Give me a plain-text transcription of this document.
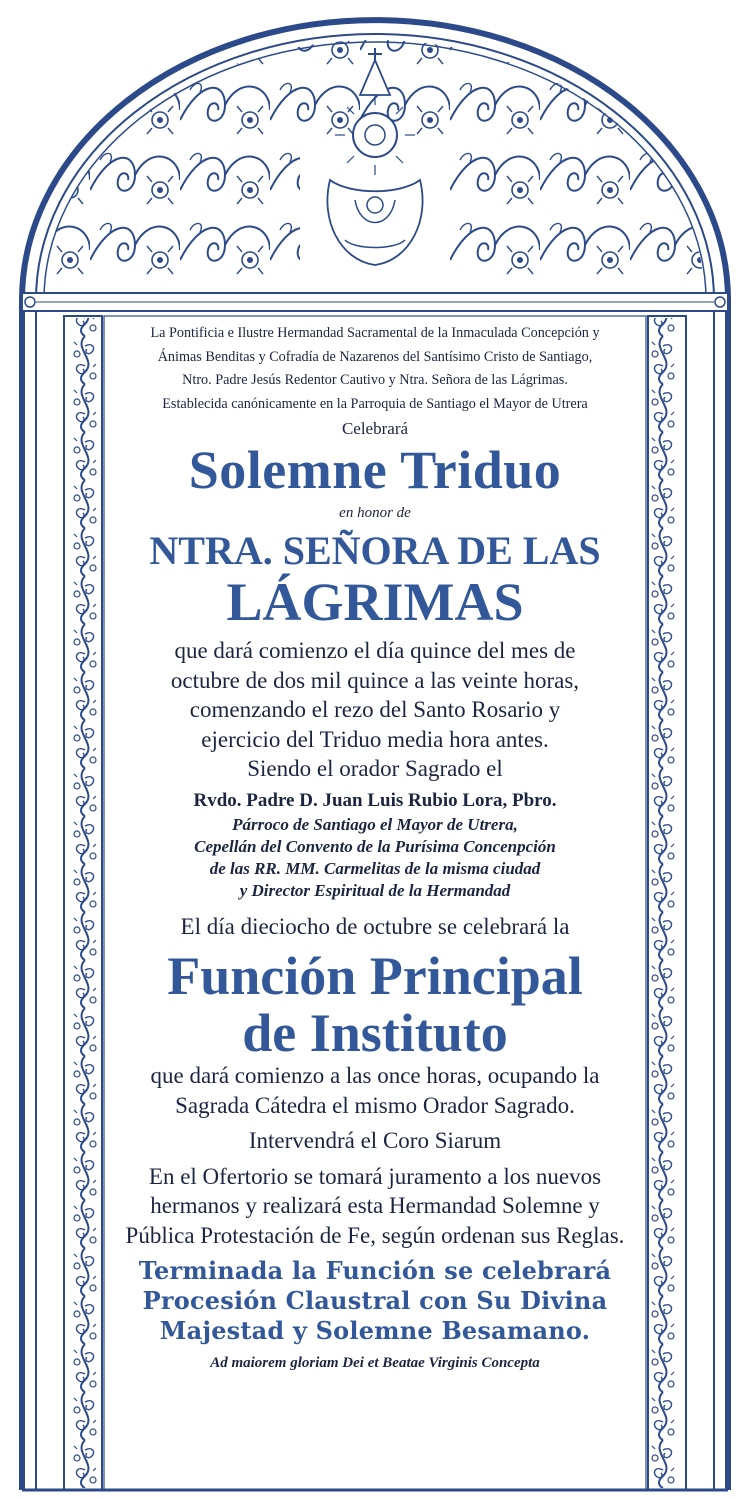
La Pontificia e Ilustre Hermandad Sacramental de la Inmaculada Concepción y

Ánimas Benditas y Cofradía de Nazarenos del Santísimo Cristo de Santiago,

Ntro. Padre Jesús Redentor Cautivo y Ntra. Señora de las Lágrimas.

Establecida canónicamente en la Parroquia de Santiago el Mayor de Utrera

Celebrará

Solemne Triduo

en honor de

NTRA. SEÑORA DE LAS

LÁGRIMAS

que dará comienzo el día quince del mes de

octubre de dos mil quince a las veinte horas,

comenzando el rezo del Santo Rosario y

ejercicio del Triduo media hora antes.

Siendo el orador Sagrado el

Rvdo. Padre D. Juan Luis Rubio Lora, Pbro.

Párroco de Santiago el Mayor de Utrera,

Cepellán del Convento de la Purísima Concenpción

de las RR. MM. Carmelitas de la misma ciudad

y Director Espiritual de la Hermandad

El día dieciocho de octubre se celebrará la

Función Principal

de Instituto

que dará comienzo a las once horas, ocupando la

Sagrada Cátedra el mismo Orador Sagrado.

Intervendrá el Coro Siarum

En el Ofertorio se tomará juramento a los nuevos

hermanos y realizará esta Hermandad Solemne y

Pública Protestación de Fe, según ordenan sus Reglas.

Terminada la Función se celebrará

Procesión Claustral con Su Divina

Majestad y Solemne Besamano.

Ad maiorem gloriam Dei et Beatae Virginis Concepta
